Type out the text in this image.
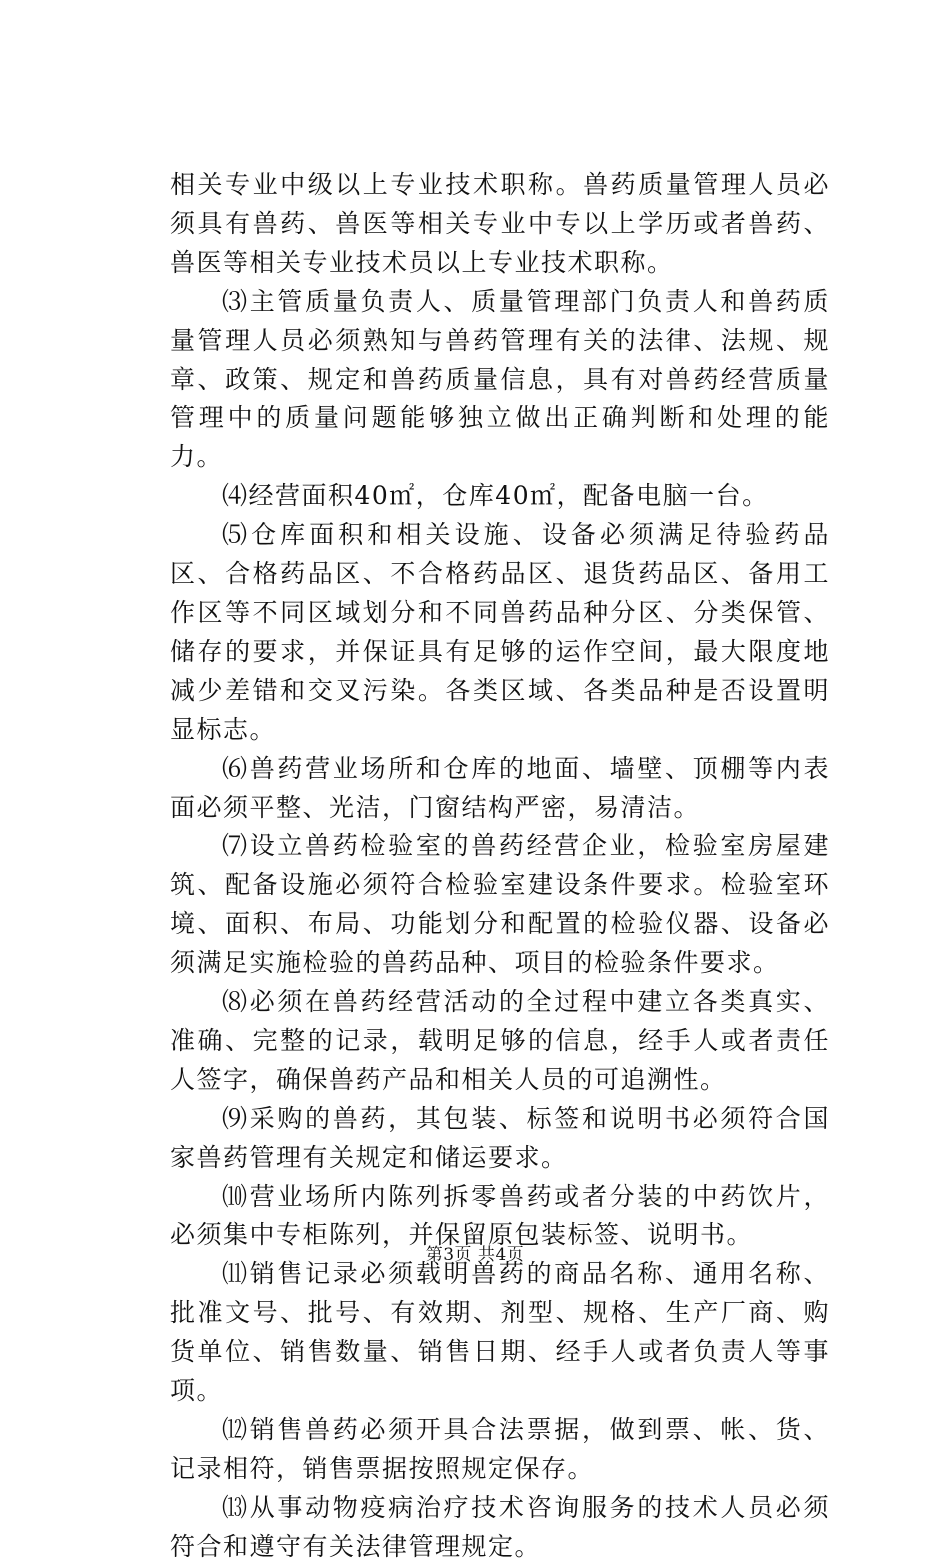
相关专业中级以上专业技术职称。兽药质量管理人员必须具有兽药、兽医等相关专业中专以上学历或者兽药、兽医等相关专业技术员以上专业技术职称。

⑶主管质量负责人、质量管理部门负责人和兽药质量管理人员必须熟知与兽药管理有关的法律、法规、规章、政策、规定和兽药质量信息，具有对兽药经营质量管理中的质量问题能够独立做出正确判断和处理的能力。

⑷经营面积40㎡，仓库40㎡，配备电脑一台。

⑸仓库面积和相关设施、设备必须满足待验药品区、合格药品区、不合格药品区、退货药品区、备用工作区等不同区域划分和不同兽药品种分区、分类保管、储存的要求，并保证具有足够的运作空间，最大限度地减少差错和交叉污染。各类区域、各类品种是否设置明显标志。

⑹兽药营业场所和仓库的地面、墙壁、顶棚等内表面必须平整、光洁，门窗结构严密，易清洁。

⑺设立兽药检验室的兽药经营企业，检验室房屋建筑、配备设施必须符合检验室建设条件要求。检验室环境、面积、布局、功能划分和配置的检验仪器、设备必须满足实施检验的兽药品种、项目的检验条件要求。

⑻必须在兽药经营活动的全过程中建立各类真实、准确、完整的记录，载明足够的信息，经手人或者责任人签字，确保兽药产品和相关人员的可追溯性。

⑼采购的兽药，其包装、标签和说明书必须符合国家兽药管理有关规定和储运要求。

⑽营业场所内陈列拆零兽药或者分装的中药饮片，必须集中专柜陈列，并保留原包装标签、说明书。

⑾销售记录必须载明兽药的商品名称、通用名称、批准文号、批号、有效期、剂型、规格、生产厂商、购货单位、销售数量、销售日期、经手人或者负责人等事项。

⑿销售兽药必须开具合法票据，做到票、帐、货、记录相符，销售票据按照规定保存。

⒀从事动物疫病治疗技术咨询服务的技术人员必须符合和遵守有关法律管理规定。

第3页 共4页
